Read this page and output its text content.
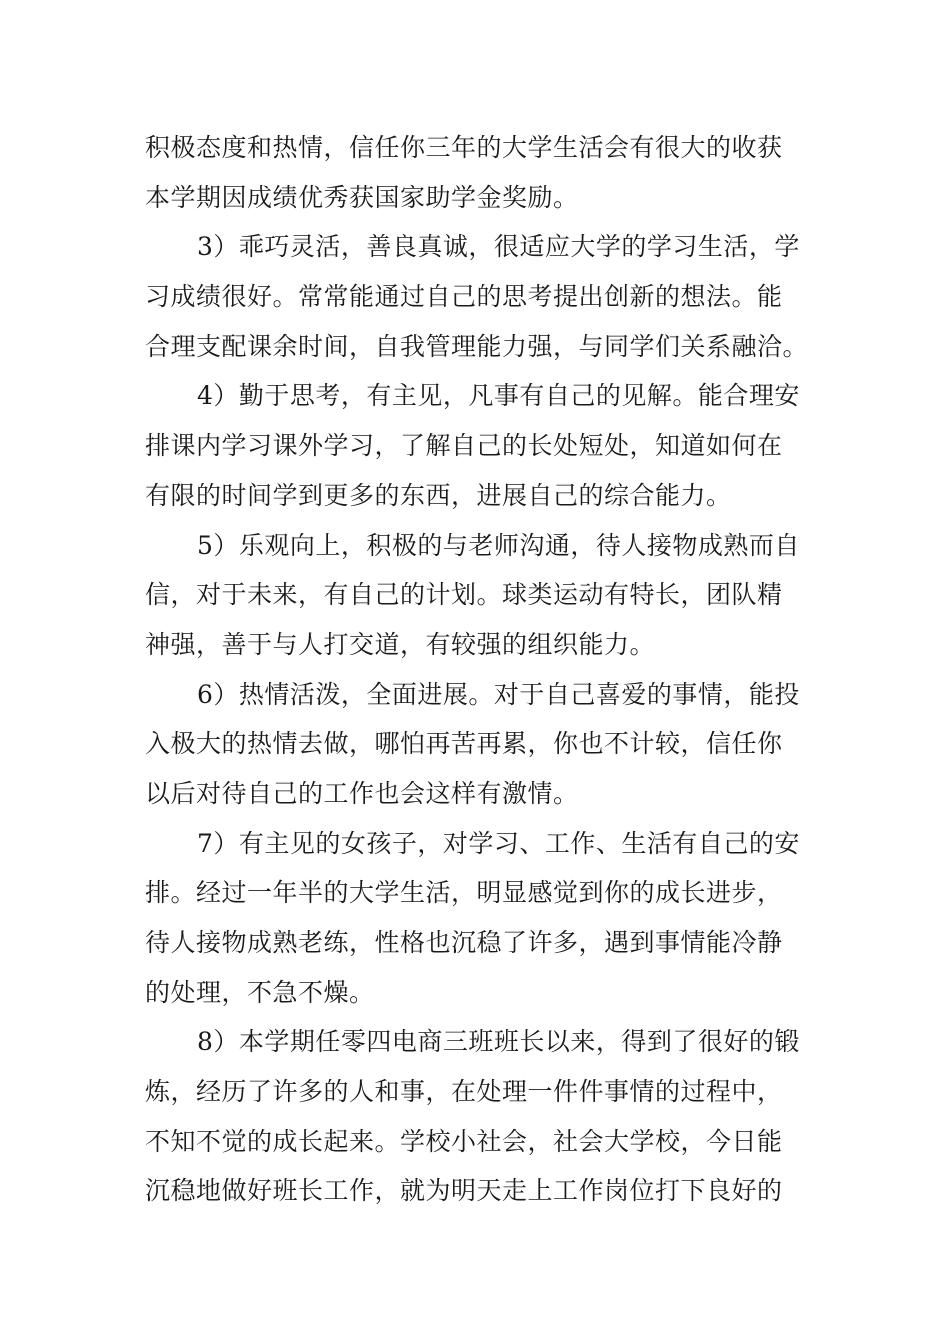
积极态度和热情，信任你三年的大学生活会有很大的收获
本学期因成绩优秀获国家助学金奖励。
3）乖巧灵活，善良真诚，很适应大学的学习生活，学
习成绩很好。常常能通过自己的思考提出创新的想法。能
合理支配课余时间，自我管理能力强，与同学们关系融洽。
4）勤于思考，有主见，凡事有自己的见解。能合理安
排课内学习课外学习，了解自己的长处短处，知道如何在
有限的时间学到更多的东西，进展自己的综合能力。
5）乐观向上，积极的与老师沟通，待人接物成熟而自
信，对于未来，有自己的计划。球类运动有特长，团队精
神强，善于与人打交道，有较强的组织能力。
6）热情活泼，全面进展。对于自己喜爱的事情，能投
入极大的热情去做，哪怕再苦再累，你也不计较，信任你
以后对待自己的工作也会这样有激情。
7）有主见的女孩子，对学习、工作、生活有自己的安
排。经过一年半的大学生活，明显感觉到你的成长进步，
待人接物成熟老练，性格也沉稳了许多，遇到事情能冷静
的处理，不急不燥。
8）本学期任零四电商三班班长以来，得到了很好的锻
炼，经历了许多的人和事，在处理一件件事情的过程中，
不知不觉的成长起来。学校小社会，社会大学校，今日能
沉稳地做好班长工作，就为明天走上工作岗位打下良好的
